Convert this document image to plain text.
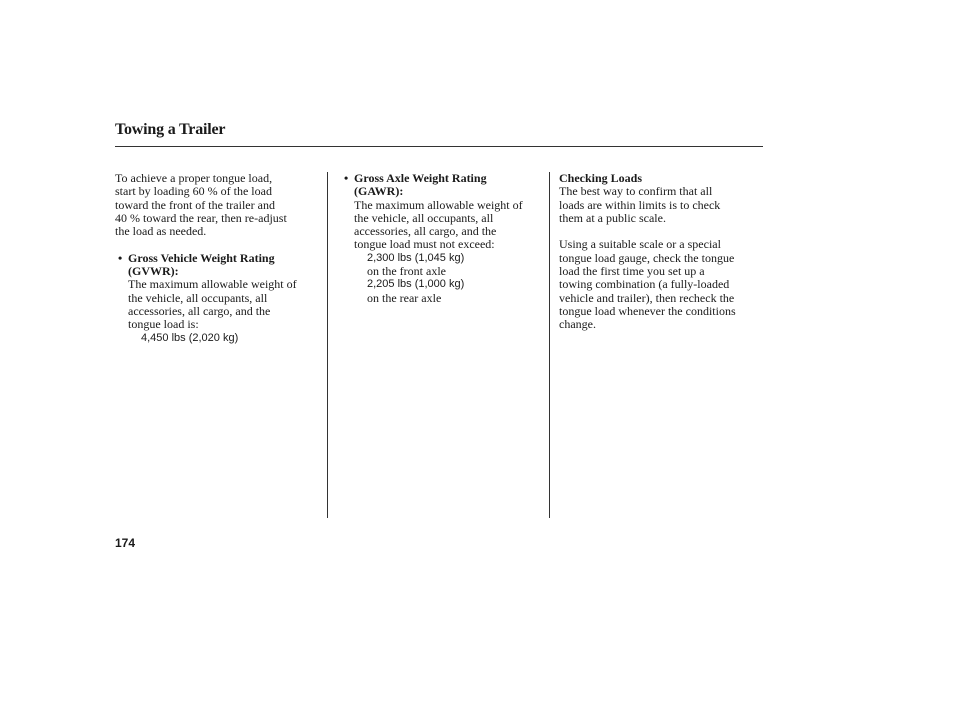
Towing a Trailer

To achieve a proper tongue load,

start by loading 60 % of the load

toward the front of the trailer and

40 % toward the rear, then re-adjust

the load as needed.

• Gross Vehicle Weight Rating

(GVWR):

The maximum allowable weight of

the vehicle, all occupants, all

accessories, all cargo, and the

tongue load is:

4,450 lbs (2,020 kg)

• Gross Axle Weight Rating

(GAWR):

The maximum allowable weight of

the vehicle, all occupants, all

accessories, all cargo, and the

tongue load must not exceed:

2,300 lbs (1,045 kg)

on the front axle

2,205 lbs (1,000 kg)

on the rear axle

Checking Loads

The best way to confirm that all

loads are within limits is to check

them at a public scale.

Using a suitable scale or a special

tongue load gauge, check the tongue

load the first time you set up a

towing combination (a fully-loaded

vehicle and trailer), then recheck the

tongue load whenever the conditions

change.

174
